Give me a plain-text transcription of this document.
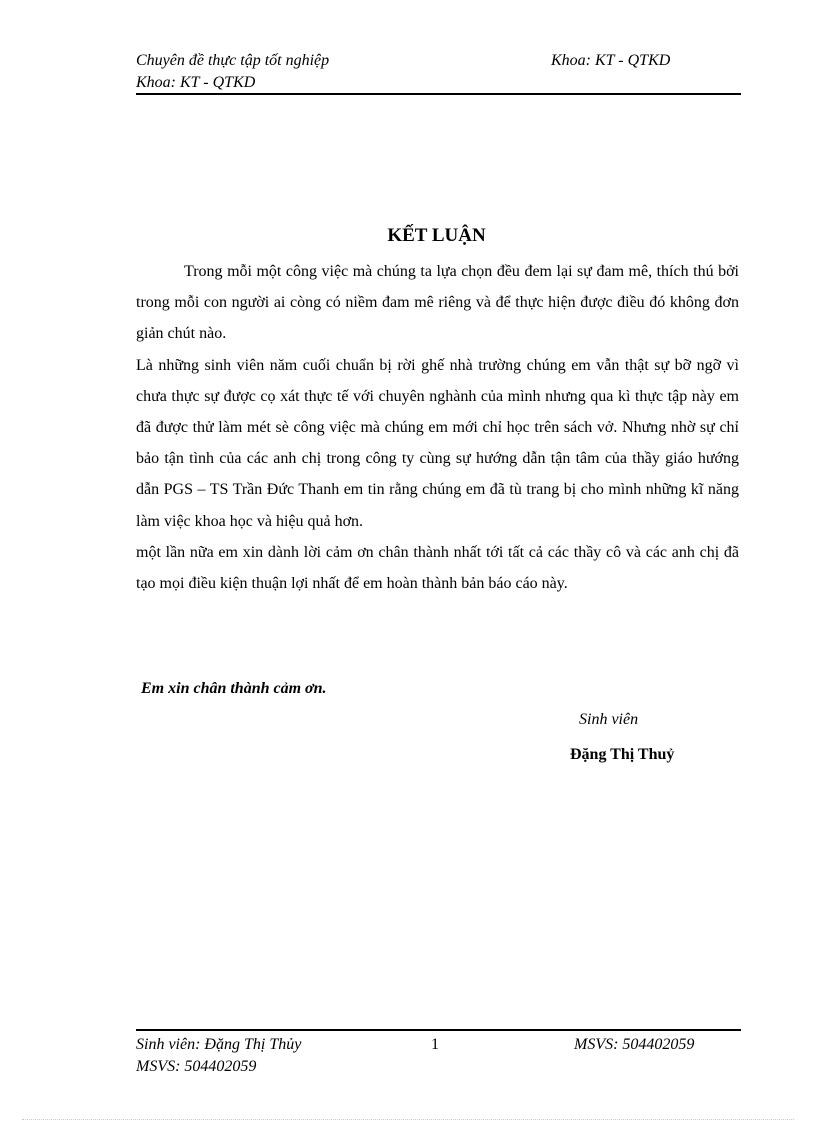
Chuyên đề thực tập tốt nghiệp	Khoa: KT - QTKD
Khoa: KT - QTKD
KẾT LUẬN

Trong mỗi một công việc mà chúng ta lựa chọn đều đem lại sự đam mê, thích thú bởi trong mỗi con người ai còng có niềm đam mê riêng và để thực hiện được điều đó không đơn giản chút nào.

Là những sinh viên năm cuối chuẩn bị rời ghế nhà trường chúng em vẫn thật sự bỡ ngỡ vì chưa thực sự được cọ xát thực tế với chuyên nghành của mình nhưng qua kì thực tập này em đã được thử làm mét sè công việc mà chúng em mới chỉ học trên sách vở. Nhưng nhờ sự chỉ bảo tận tình của các anh chị trong công ty cùng sự hướng dẫn tận tâm của thầy giáo hướng dẫn PGS – TS Trần Đức Thanh em tin rằng chúng em đã tù trang bị cho mình những kĩ năng làm việc khoa học và hiệu quả hơn.

một lần nữa em xin dành lời cảm ơn chân thành nhất tới tất cả các thầy cô và các anh chị đã tạo mọi điều kiện thuận lợi nhất để em hoàn thành bản báo cáo này.

Em xin chân thành cảm ơn.
Sinh viên
Đặng Thị Thuỷ
Sinh viên: Đặng Thị Thủy	1	MSVS: 504402059
MSVS: 504402059
